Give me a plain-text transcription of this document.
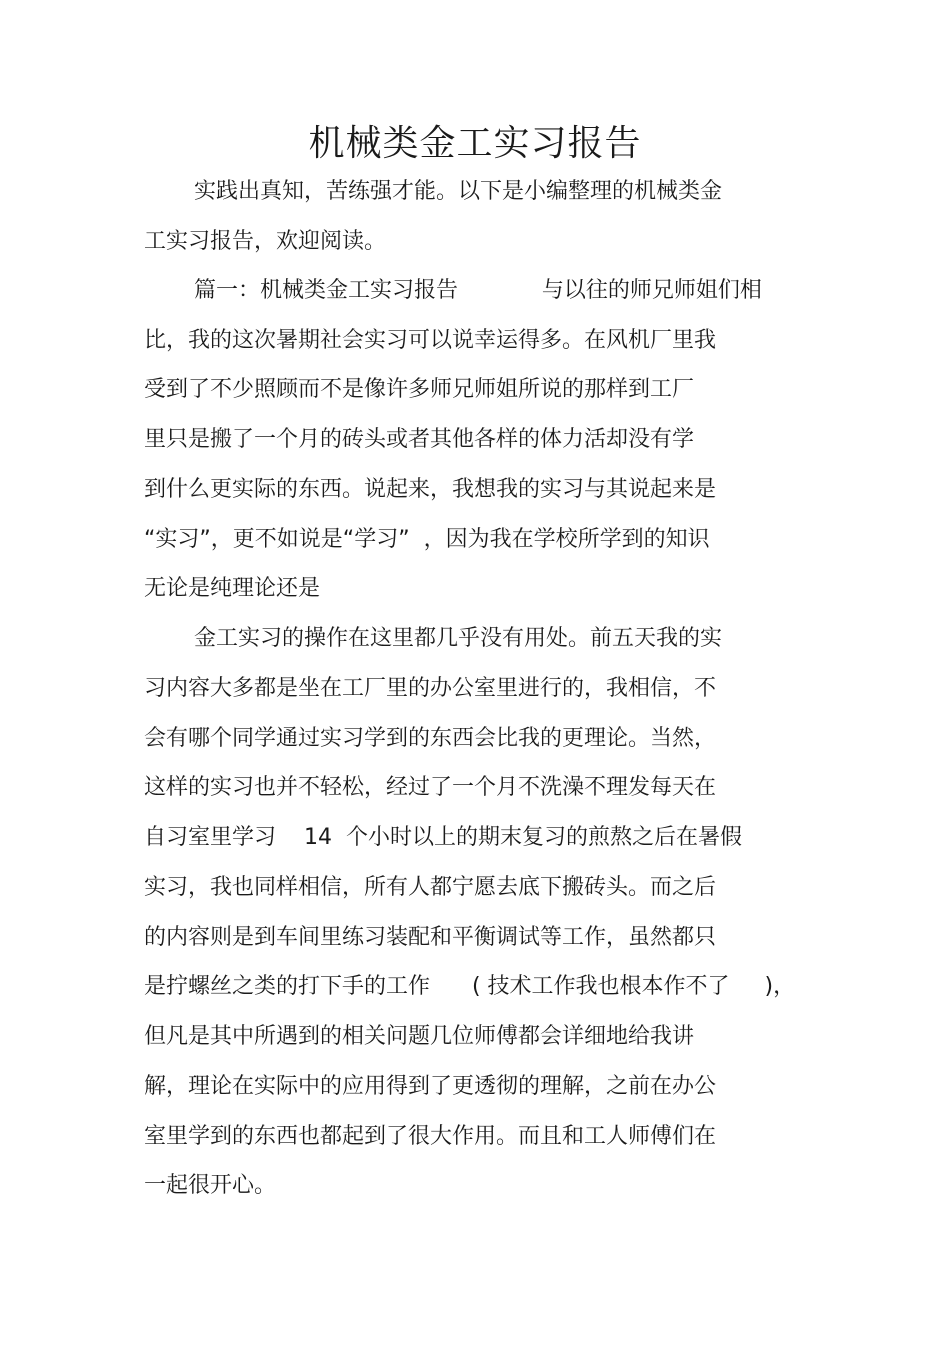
机械类金工实习报告

实践出真知，苦练强才能。以下是小编整理的机械类金

工实习报告，欢迎阅读。

篇一：机械类金工实习报告            与以往的师兄师姐们相

比，我的这次暑期社会实习可以说幸运得多。在风机厂里我

受到了不少照顾而不是像许多师兄师姐所说的那样到工厂

里只是搬了一个月的砖头或者其他各样的体力活却没有学

到什么更实际的东西。说起来，我想我的实习与其说起来是

“实习”，更不如说是“学习”  ，因为我在学校所学到的知识

无论是纯理论还是

金工实习的操作在这里都几乎没有用处。前五天我的实

习内容大多都是坐在工厂里的办公室里进行的，我相信，不

会有哪个同学通过实习学到的东西会比我的更理论。当然，

这样的实习也并不轻松，经过了一个月不洗澡不理发每天在

自习室里学习    14  个小时以上的期末复习的煎熬之后在暑假

实习，我也同样相信，所有人都宁愿去底下搬砖头。而之后

的内容则是到车间里练习装配和平衡调试等工作，虽然都只

是拧螺丝之类的打下手的工作      ( 技术工作我也根本作不了     )，

但凡是其中所遇到的相关问题几位师傅都会详细地给我讲

解，理论在实际中的应用得到了更透彻的理解，之前在办公

室里学到的东西也都起到了很大作用。而且和工人师傅们在

一起很开心。
